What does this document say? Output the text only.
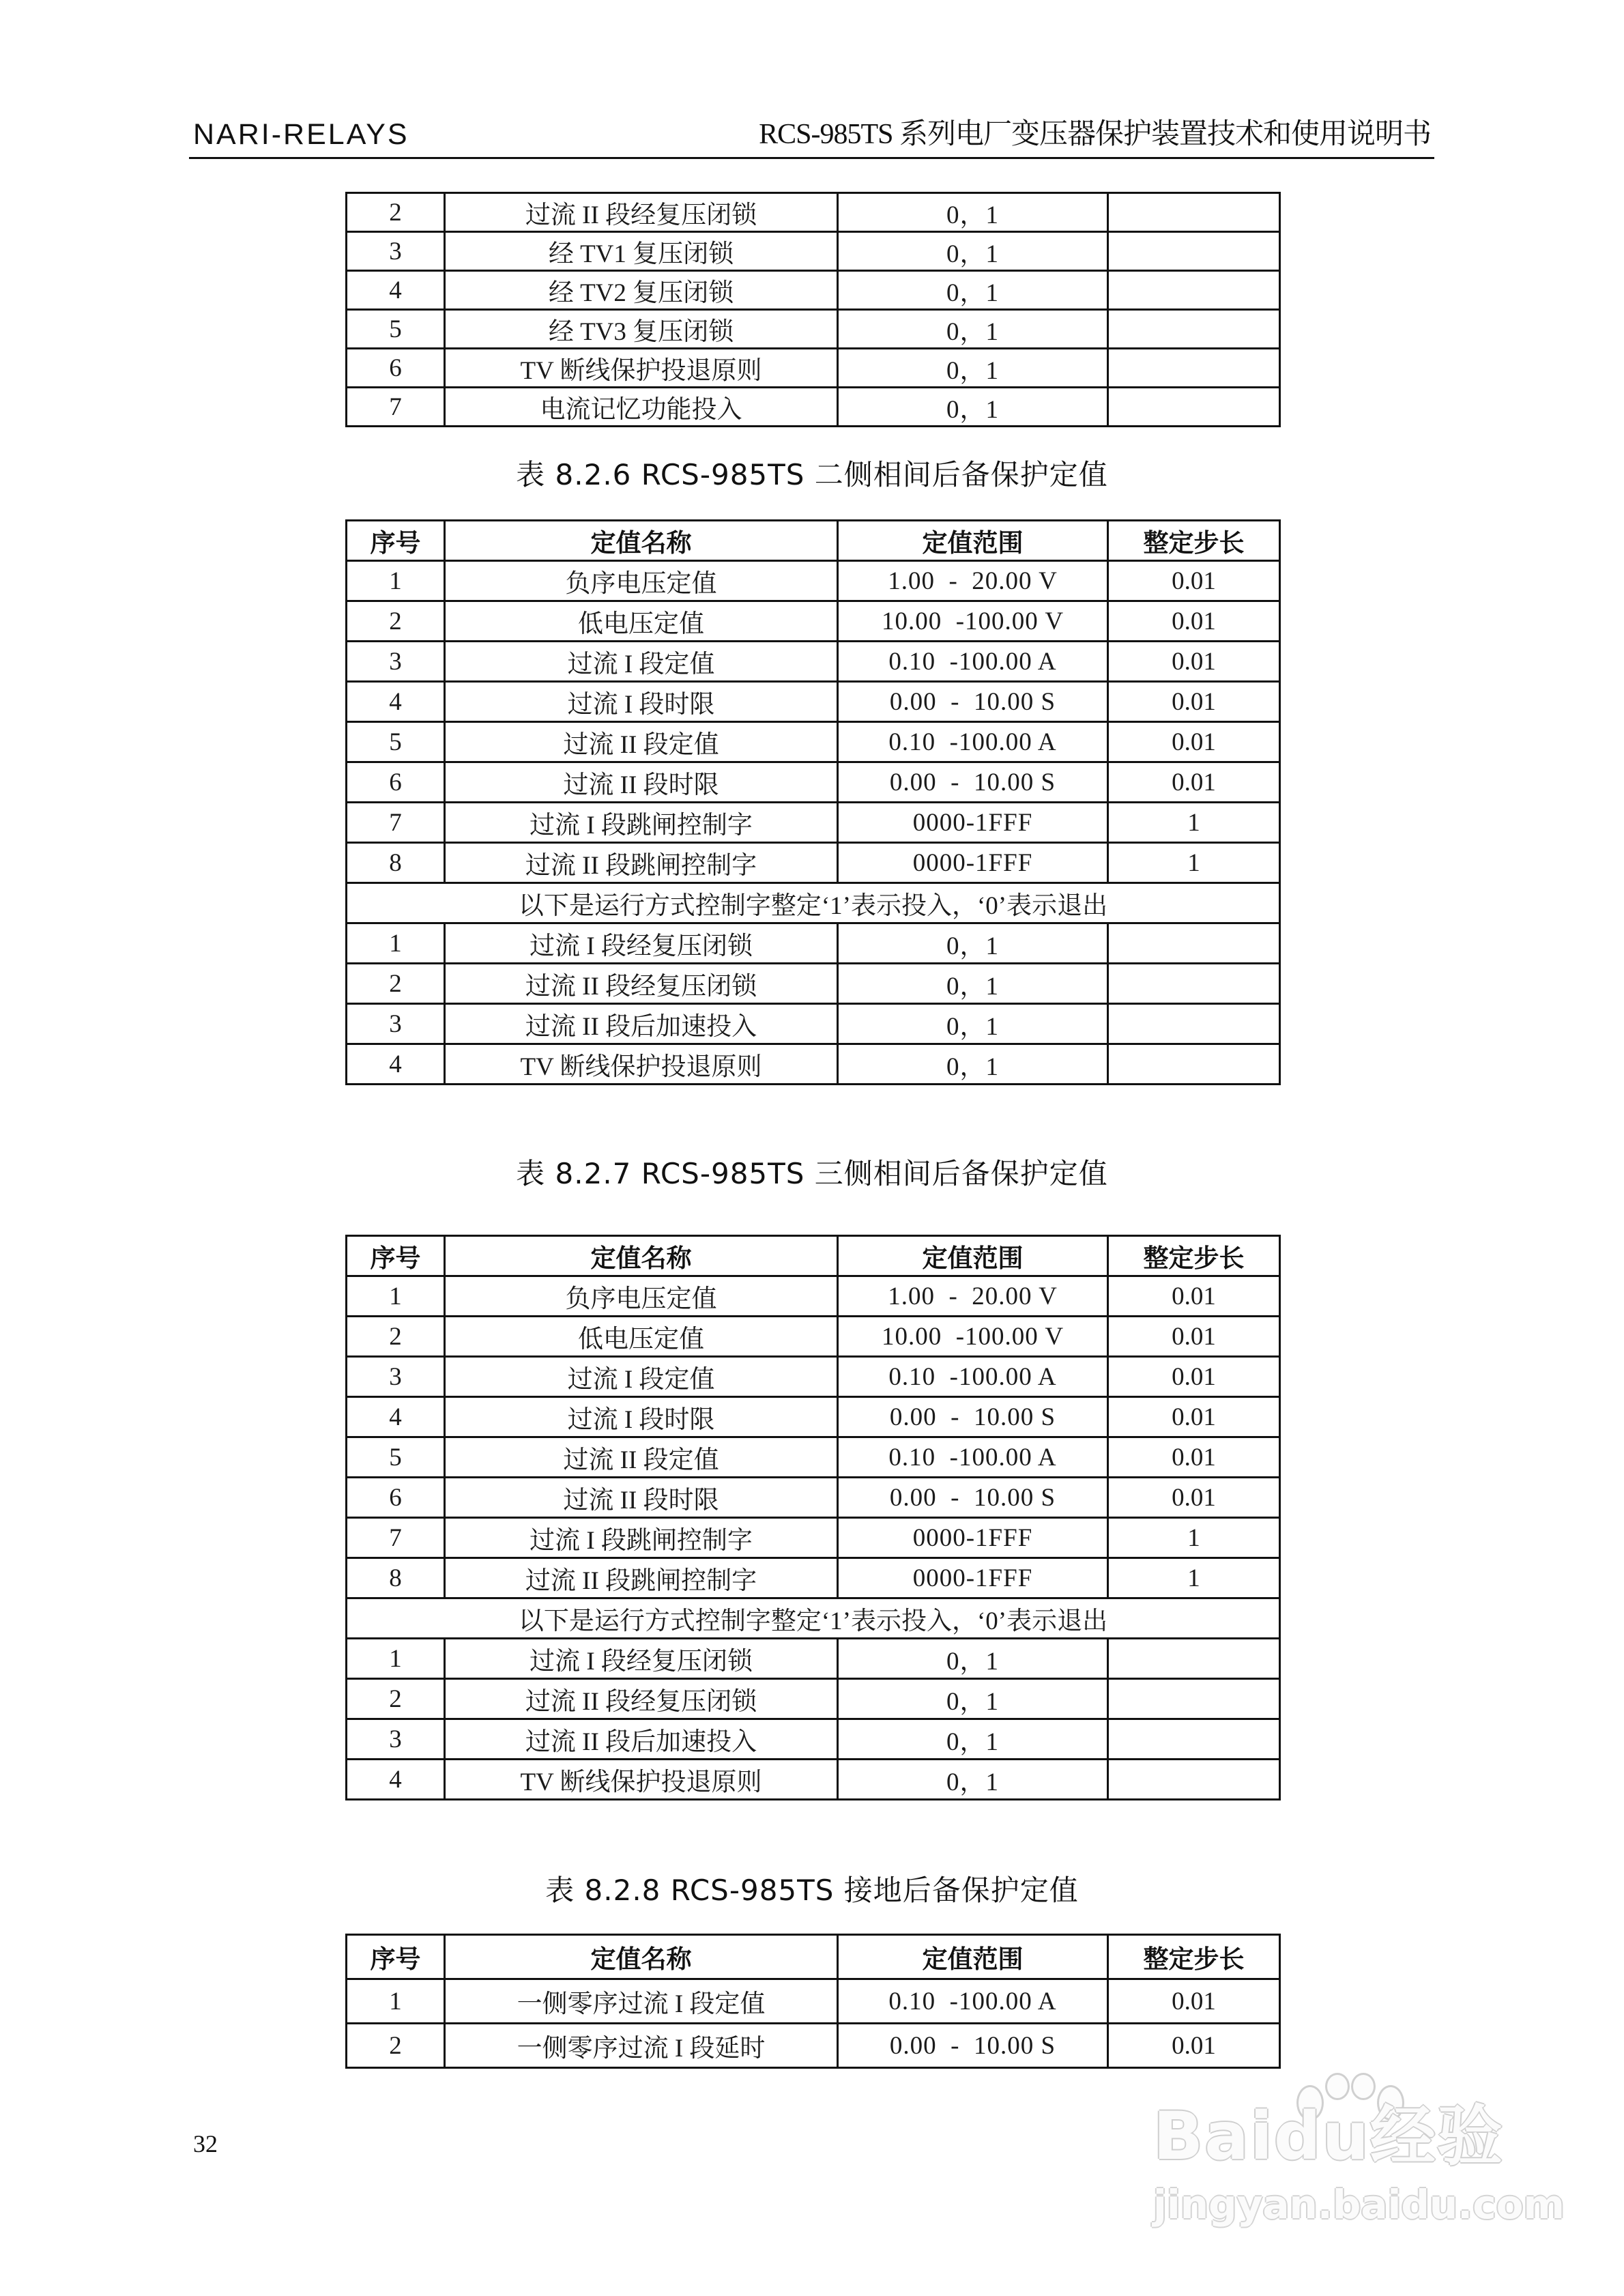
NARI-RELAYS	RCS-985TS 系列电厂变压器保护装置技术和使用说明书
2	过流 II 段经复压闭锁	0，1	
3	经 TV1 复压闭锁	0，1	
4	经 TV2 复压闭锁	0，1	
5	经 TV3 复压闭锁	0，1	
6	TV 断线保护投退原则	0，1	
7	电流记忆功能投入	0，1	
表 8.2.6 RCS-985TS 二侧相间后备保护定值
序号	定值名称	定值范围	整定步长
1	负序电压定值	1.00  -  20.00 V	0.01
2	低电压定值	10.00  -100.00 V	0.01
3	过流 I 段定值	0.10  -100.00 A	0.01
4	过流 I 段时限	0.00  -  10.00 S	0.01
5	过流 II 段定值	0.10  -100.00 A	0.01
6	过流 II 段时限	0.00  -  10.00 S	0.01
7	过流 I 段跳闸控制字	0000-1FFF	1
8	过流 II 段跳闸控制字	0000-1FFF	1
以下是运行方式控制字整定‘1’表示投入，‘0’表示退出			
1	过流 I 段经复压闭锁	0，1	
2	过流 II 段经复压闭锁	0，1	
3	过流 II 段后加速投入	0，1	
4	TV 断线保护投退原则	0，1	
表 8.2.7 RCS-985TS 三侧相间后备保护定值
序号	定值名称	定值范围	整定步长
1	负序电压定值	1.00  -  20.00 V	0.01
2	低电压定值	10.00  -100.00 V	0.01
3	过流 I 段定值	0.10  -100.00 A	0.01
4	过流 I 段时限	0.00  -  10.00 S	0.01
5	过流 II 段定值	0.10  -100.00 A	0.01
6	过流 II 段时限	0.00  -  10.00 S	0.01
7	过流 I 段跳闸控制字	0000-1FFF	1
8	过流 II 段跳闸控制字	0000-1FFF	1
以下是运行方式控制字整定‘1’表示投入，‘0’表示退出			
1	过流 I 段经复压闭锁	0，1	
2	过流 II 段经复压闭锁	0，1	
3	过流 II 段后加速投入	0，1	
4	TV 断线保护投退原则	0，1	
表 8.2.8 RCS-985TS 接地后备保护定值
序号	定值名称	定值范围	整定步长
1	一侧零序过流 I 段定值	0.10  -100.00 A	0.01
2	一侧零序过流 I 段延时	0.00  -  10.00 S	0.01
32	Baidu经验
jingyan.baidu.com
